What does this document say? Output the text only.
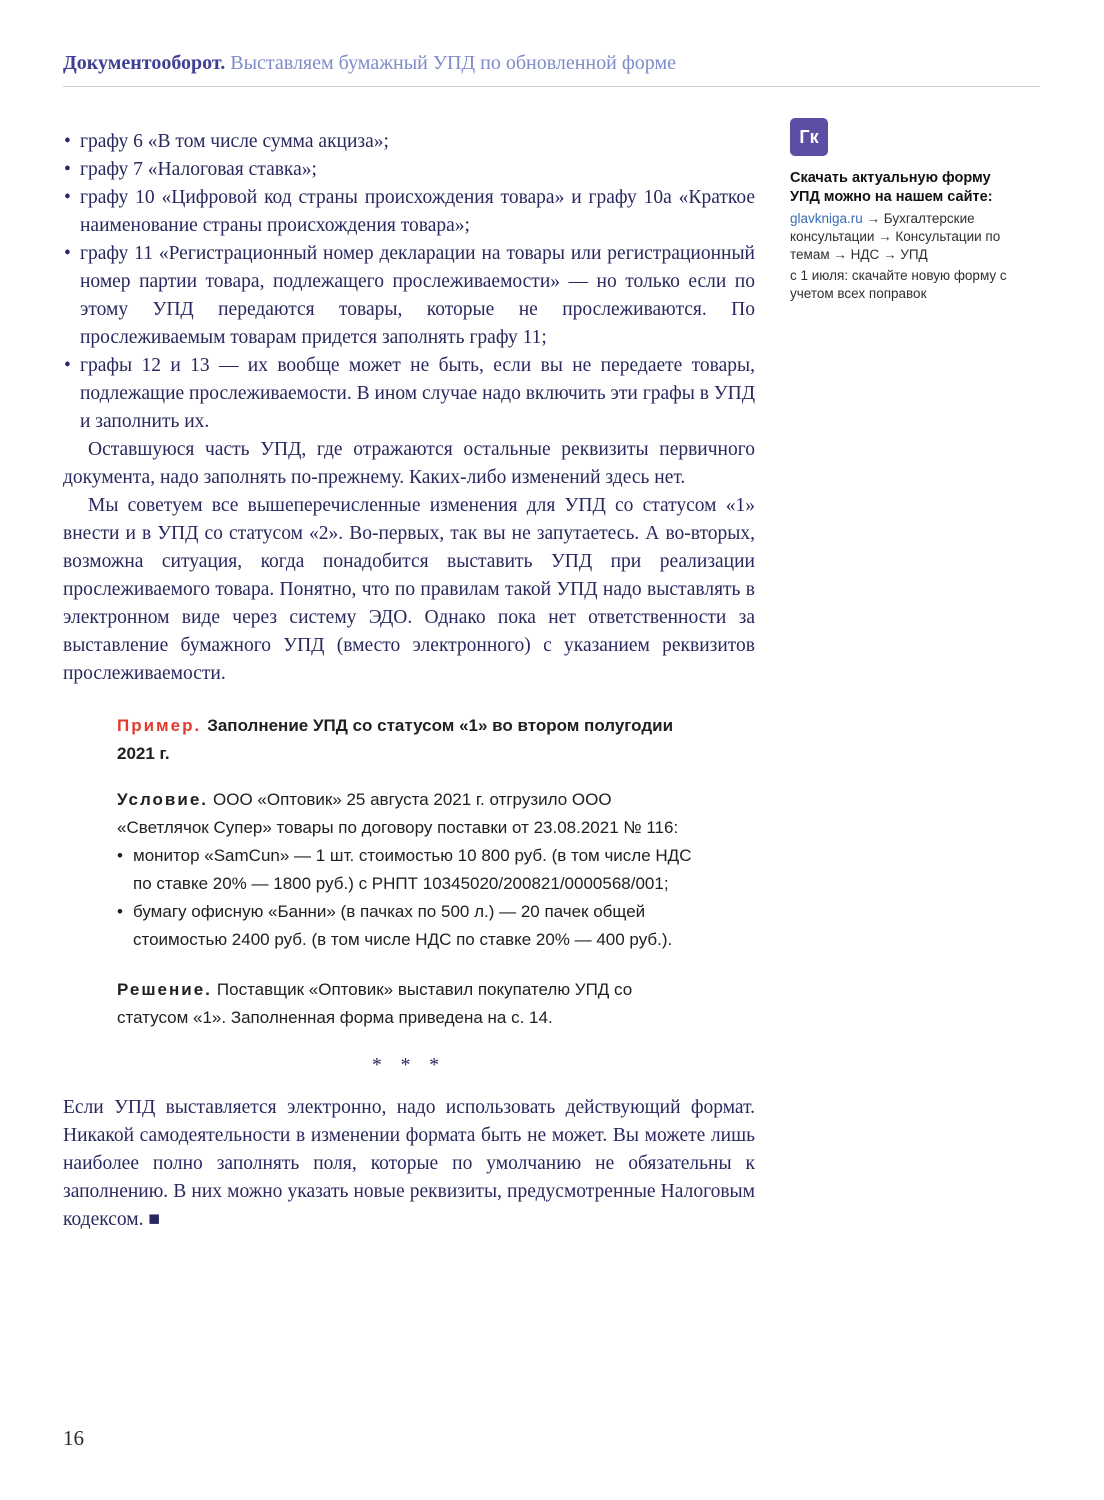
Документооборот. Выставляем бумажный УПД по обновленной форме
• графу 6 «В том числе сумма акциза»;
• графу 7 «Налоговая ставка»;
• графу 10 «Цифровой код страны происхождения товара» и графу 10а «Краткое наименование страны происхождения товара»;
• графу 11 «Регистрационный номер декларации на товары или регистрационный номер партии товара, подлежащего прослеживаемости» — но только если по этому УПД передаются товары, которые не прослеживаются. По прослеживаемым товарам придется заполнять графу 11;
• графы 12 и 13 — их вообще может не быть, если вы не передаете товары, подлежащие прослеживаемости. В ином случае надо включить эти графы в УПД и заполнить их.

Оставшуюся часть УПД, где отражаются остальные реквизиты первичного документа, надо заполнять по-прежнему. Каких-либо изменений здесь нет.

Мы советуем все вышеперечисленные изменения для УПД со статусом «1» внести и в УПД со статусом «2». Во-первых, так вы не запутаетесь. А во-вторых, возможна ситуация, когда понадобится выставить УПД при реализации прослеживаемого товара. Понятно, что по правилам такой УПД надо выставлять в электронном виде через систему ЭДО. Однако пока нет ответственности за выставление бумажного УПД (вместо электронного) с указанием реквизитов прослеживаемости.

Пример. Заполнение УПД со статусом «1» во втором полугодии 2021 г.

Условие. ООО «Оптовик» 25 августа 2021 г. отгрузило ООО «Светлячок Супер» товары по договору поставки от 23.08.2021 № 116:

• монитор «SamCun» — 1 шт. стоимостью 10 800 руб. (в том числе НДС по ставке 20% — 1800 руб.) с РНПТ 10345020/200821/0000568/001;
• бумагу офисную «Банни» (в пачках по 500 л.) — 20 пачек общей стоимостью 2400 руб. (в том числе НДС по ставке 20% — 400 руб.).

Решение. Поставщик «Оптовик» выставил покупателю УПД со статусом «1». Заполненная форма приведена на с. 14.

* * *

Если УПД выставляется электронно, надо использовать действующий формат. Никакой самодеятельности в изменении формата быть не может. Вы можете лишь наиболее полно заполнять поля, которые по умолчанию не обязательны к заполнению. В них можно указать новые реквизиты, предусмотренные Налоговым кодексом. ■

Гк

Скачать актуальную форму УПД можно на нашем сайте:

glavkniga.ru → Бухгалтерские консультации → Консультации по темам → НДС → УПД

с 1 июля: скачайте новую форму с учетом всех поправок

16
